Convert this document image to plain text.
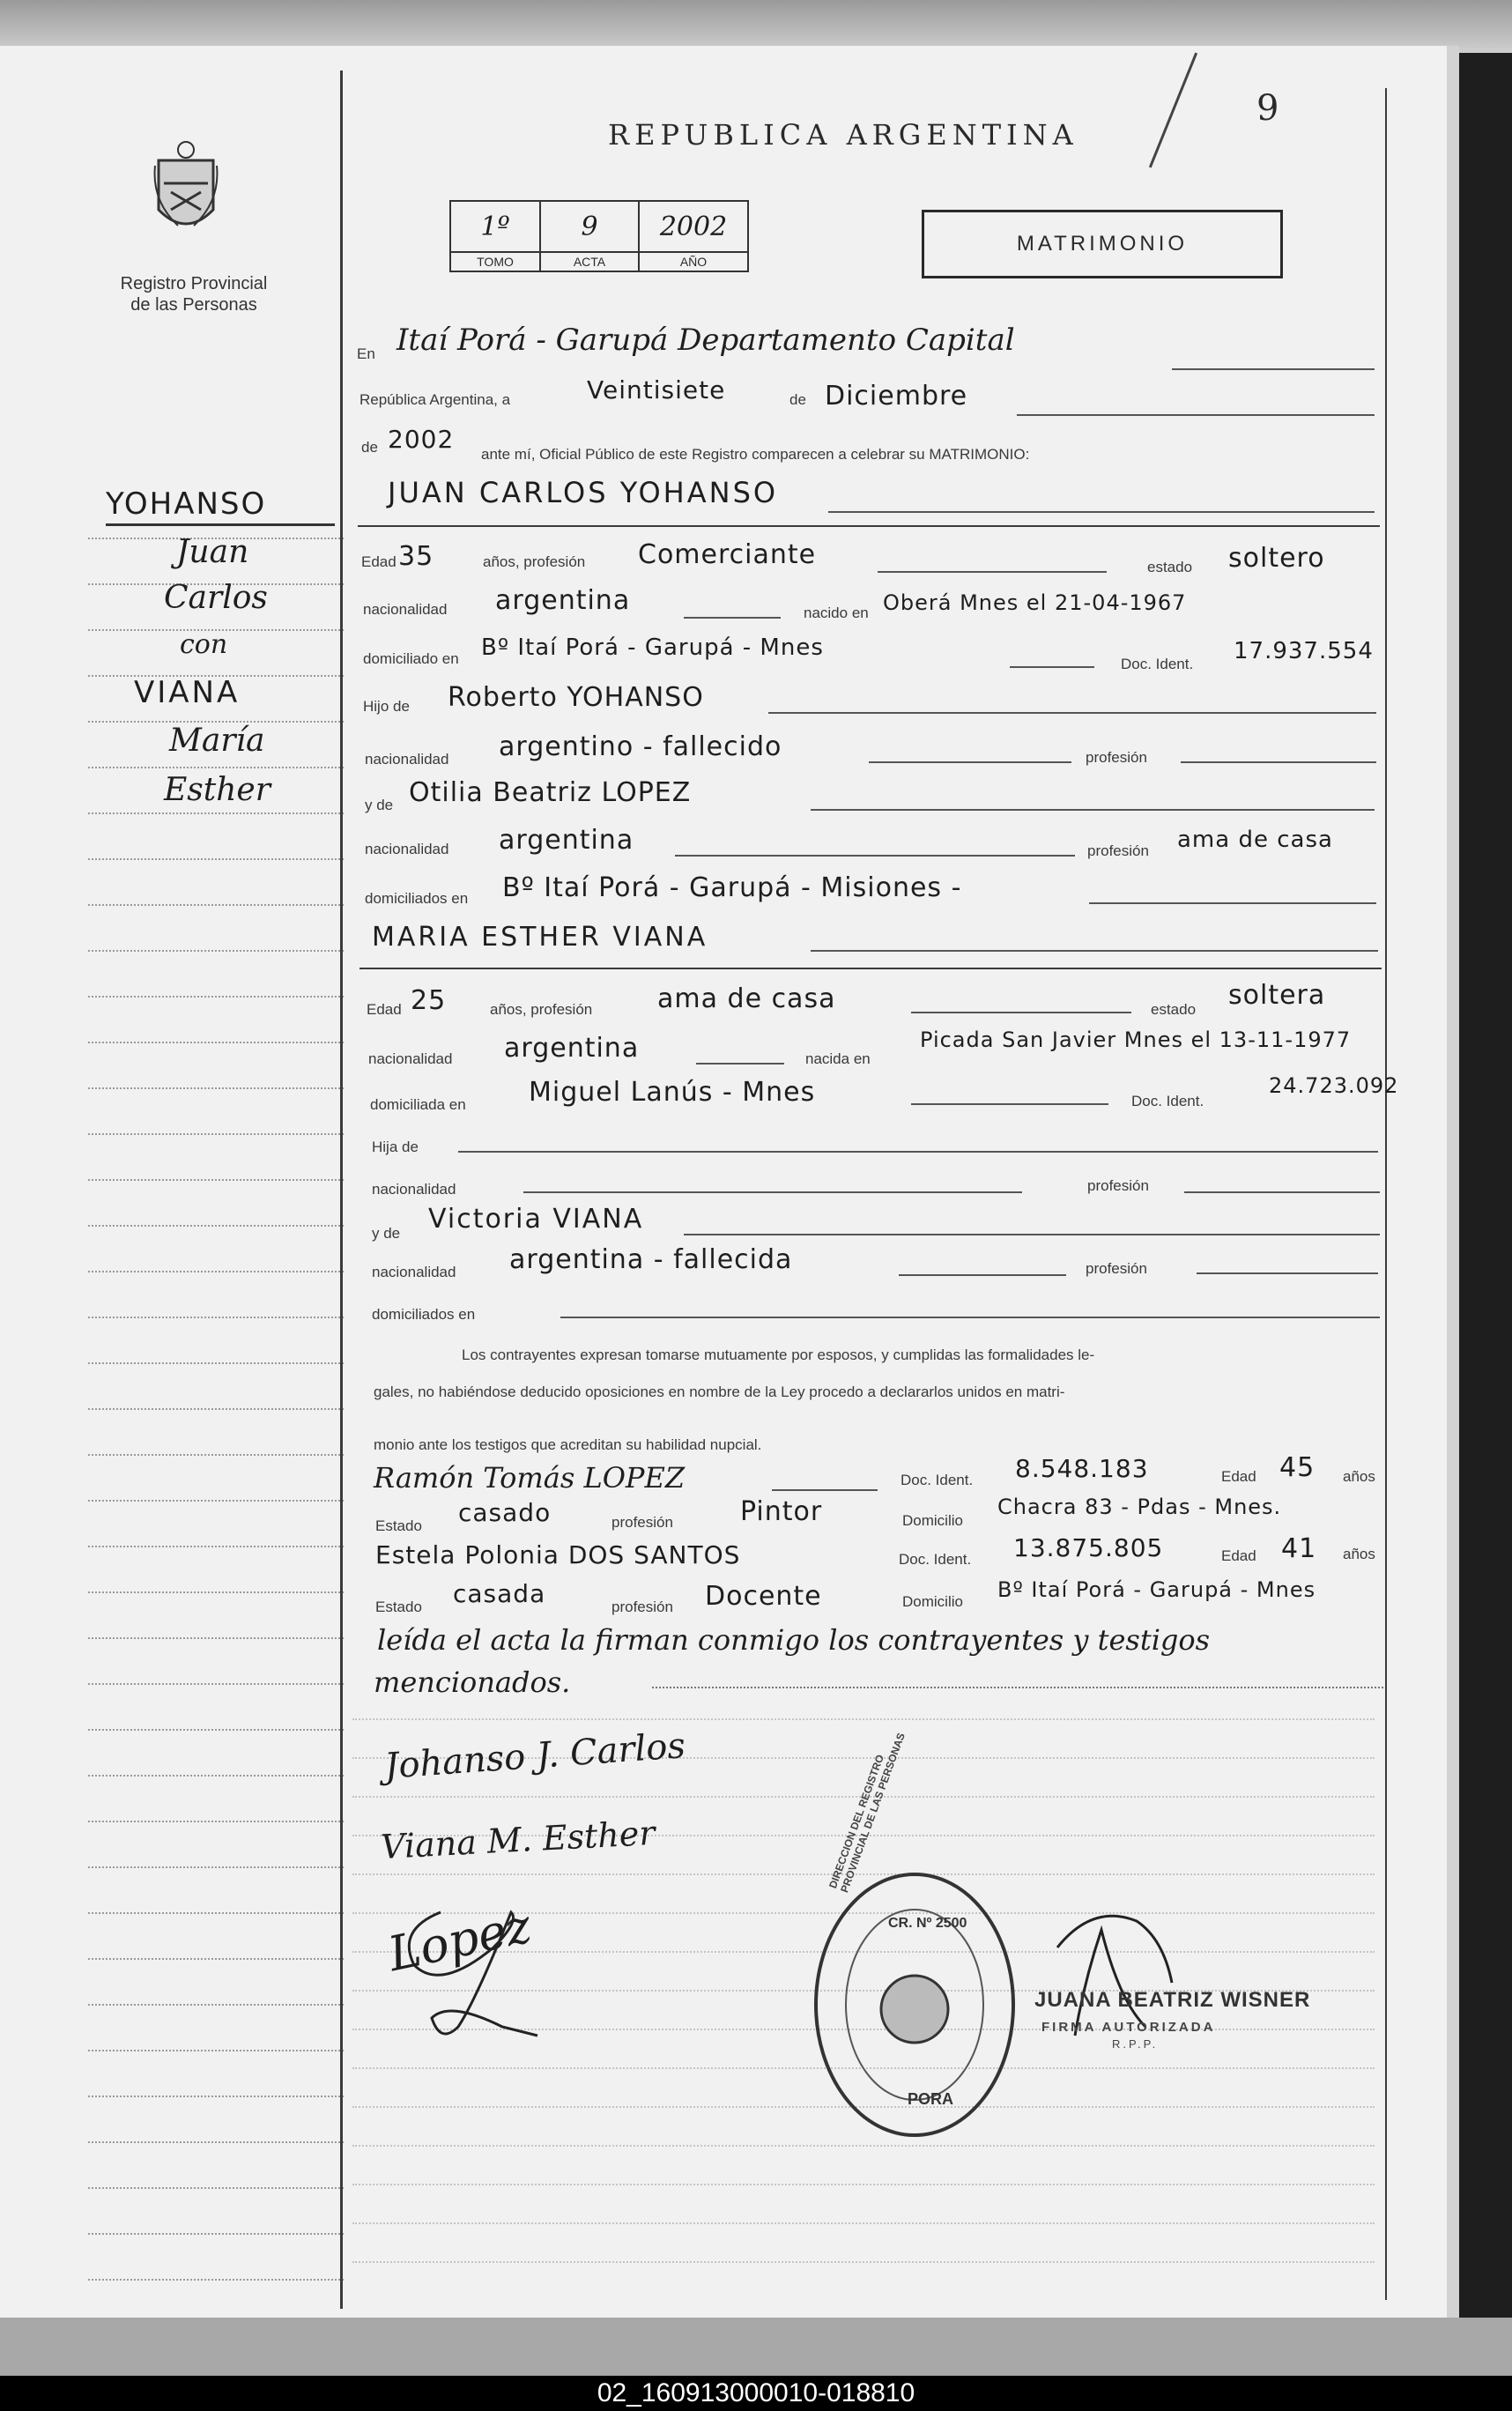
02_160913000010-018810
9
Registro Provincial
de las Personas
REPUBLICA ARGENTINA
1º	9	2002
TOMO	ACTA	AÑO
MATRIMONIO
YOHANSO
Juan
Carlos
con
VIANA
María
Esther
En Itaí Porá - Garupá Departamento Capital
República Argentina, a	Veintisiete	de Diciembre
de 2002
ante mí, Oficial Público de este Registro comparecen a celebrar su MATRIMONIO:
JUAN CARLOS YOHANSO
Edad 35	años, profesión Comerciante	estado soltero
nacionalidad argentina	nacido en Oberá Mnes el 21-04-1967
domiciliado en Bº Itaí Porá - Garupá - Mnes
Doc. Ident. 17.937.554
Hijo de Roberto YOHANSO
nacionalidad argentino - fallecido	profesión
y de Otilia Beatriz LOPEZ
nacionalidad argentina	profesión ama de casa
domiciliados en Bº Itaí Porá - Garupá - Misiones -
MARIA ESTHER VIANA
Edad 25	años, profesión ama de casa	estado soltera
nacionalidad argentina	nacida en
Picada San Javier Mnes el 13-11-1977
domiciliada en Miguel Lanús - Mnes	Doc. Ident.
24.723.092
Hija de
nacionalidad	profesión
y de Victoria VIANA
nacionalidad argentina - fallecida	profesión
domiciliados en
Los contrayentes expresan tomarse mutuamente por esposos, y cumplidas las formalidades le-
gales, no habiéndose deducido oposiciones en nombre de la Ley procedo a declararlos unidos en matri-
monio ante los testigos que acreditan su habilidad nupcial.
Ramón Tomás LOPEZ	Doc. Ident. 8.548.183	Edad 45 años
Estado casado	profesión	Pintor	Domicilio
Chacra 83 - Pdas - Mnes.
Estela Polonia DOS SANTOS	Doc. Ident. 13.875.805	Edad 41 años
Estado casada	profesión Docente	Domicilio Bº Itaí Porá - Garupá - Mnes
leída el acta la firman conmigo los contrayentes y testigos
mencionados.
Johanso J. Carlos
Viana M. Esther
Lopez	CR. Nº 2500
PORA
DIRECCION DEL REGISTRO PROVINCIAL DE LAS PERSONAS
JUANA BEATRIZ WISNER
FIRMA AUTORIZADA
R.P.P.
